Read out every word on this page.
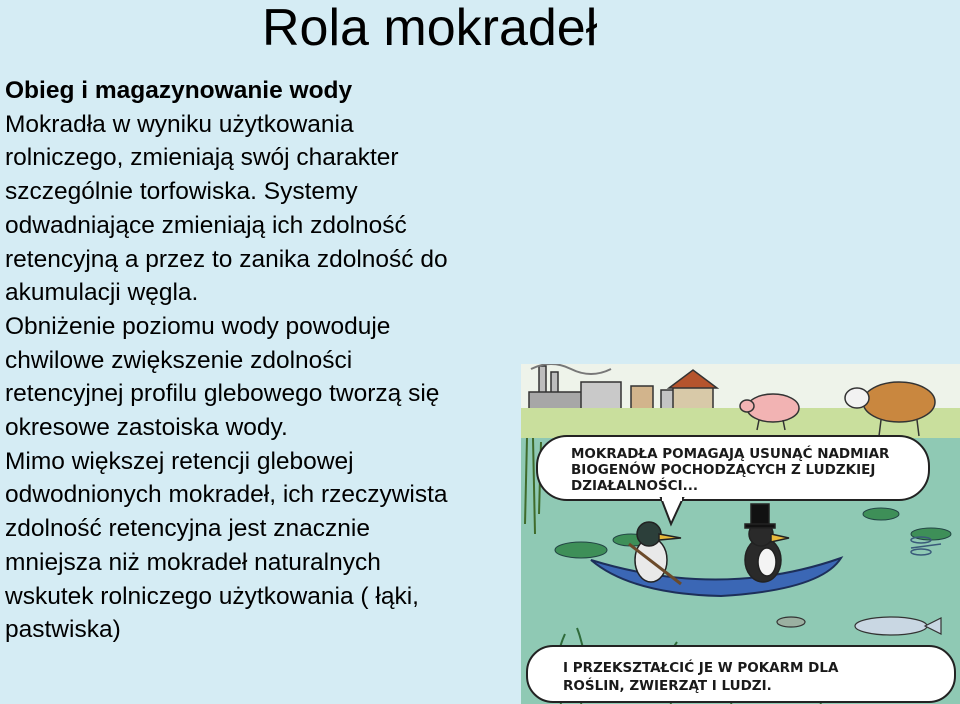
Rola mokradeł

Obieg i magazynowanie wody

Mokradła w wyniku użytkowania

rolniczego, zmieniają swój charakter

szczególnie torfowiska. Systemy

odwadniające zmieniają ich zdolność

retencyjną a przez to zanika zdolność do

akumulacji węgla.

Obniżenie poziomu wody powoduje

chwilowe zwiększenie zdolności

retencyjnej profilu glebowego tworzą się

okresowe zastoiska wody.

Mimo większej retencji glebowej

odwodnionych mokradeł, ich rzeczywista

zdolność retencyjna jest znacznie

mniejsza niż mokradeł naturalnych

wskutek rolniczego użytkowania ( łąki,

pastwiska)

MOKRADŁA POMAGAJĄ USUNĄĆ NADMIAR
BIOGENÓW POCHODZĄCYCH Z LUDZKIEJ
DZIAŁALNOŚCI...
I PRZEKSZTAŁCIĆ JE W POKARM DLA
ROŚLIN, ZWIERZĄT I LUDZI.
